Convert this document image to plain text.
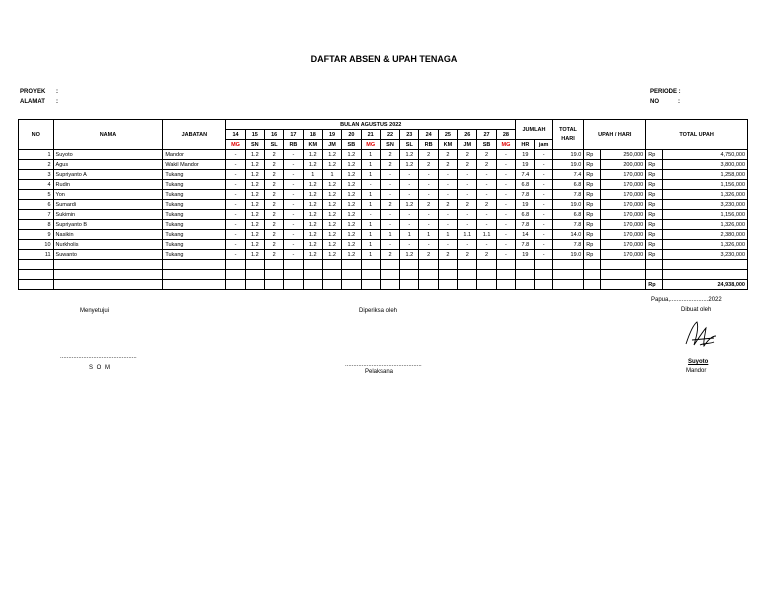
DAFTAR ABSEN & UPAH TENAGA
PROYEK :
ALAMAT :
PERIODE :
NO	:
NO	NAMA	JABATAN	BULAN AGUSTUS 2022															JUMLAH		TOTAL HARI	UPAH / HARI		TOTAL UPAH	
			14	15	16	17	18	19	20	21	22	23	24	25	26	27	28							
			MG	SN	SL	RB	KM	JM	SB	MG	SN	SL	RB	KM	JM	SB	MG	HR	jam					
1	Suyoto	Mandor	-	1.2	2	-	1.2	1.2	1.2	1	2	1.2	2	2	2	2	-	19	-	19.0	Rp	250,000	Rp	4,750,000
2	Agus	Wakil Mandor	-	1.2	2	-	1.2	1.2	1.2	1	2	1.2	2	2	2	2	-	19	-	19.0	Rp	200,000	Rp	3,800,000
3	Supriyanto A	Tukang	-	1.2	2	-	1	1	1.2	1	-	-	-	-	-	-	-	7.4	-	7.4	Rp	170,000	Rp	1,258,000
4	Rudin	Tukang	-	1.2	2	-	1.2	1.2	1.2	-	-	-	-	-	-	-	-	6.8	-	6.8	Rp	170,000	Rp	1,156,000
5	Yon	Tukang	-	1.2	2	-	1.2	1.2	1.2	1	-	-	-	-	-	-	-	7.8	-	7.8	Rp	170,000	Rp	1,326,000
6	Sumardi	Tukang	-	1.2	2	-	1.2	1.2	1.2	1	2	1.2	2	2	2	2	-	19	-	19.0	Rp	170,000	Rp	3,230,000
7	Sukimin	Tukang	-	1.2	2	-	1.2	1.2	1.2	-	-	-	-	-	-	-	-	6.8	-	6.8	Rp	170,000	Rp	1,156,000
8	Supriyanto B	Tukang	-	1.2	2	-	1.2	1.2	1.2	1	-	-	-	-	-	-	-	7.8	-	7.8	Rp	170,000	Rp	1,326,000
9	Nasikin	Tukang	-	1.2	2	-	1.2	1.2	1.2	1	1	1	1	1	1.1	1.1	-	14	-	14.0	Rp	170,000	Rp	2,380,000
10	Nurkholis	Tukang	-	1.2	2	-	1.2	1.2	1.2	1	-	-	-	-	-	-	-	7.8	-	7.8	Rp	170,000	Rp	1,326,000
11	Suwanto	Tukang	-	1.2	2	-	1.2	1.2	1.2	1	2	1.2	2	2	2	2	-	19	-	19.0	Rp	170,000	Rp	3,230,000

																							Rp	24,938,000
Papua,.......................2022
Menyetujui	Diperiksa oleh	Dibuat oleh
..............................................
..............................................
S O M
Pelaksana
Suyoto
Mandor
